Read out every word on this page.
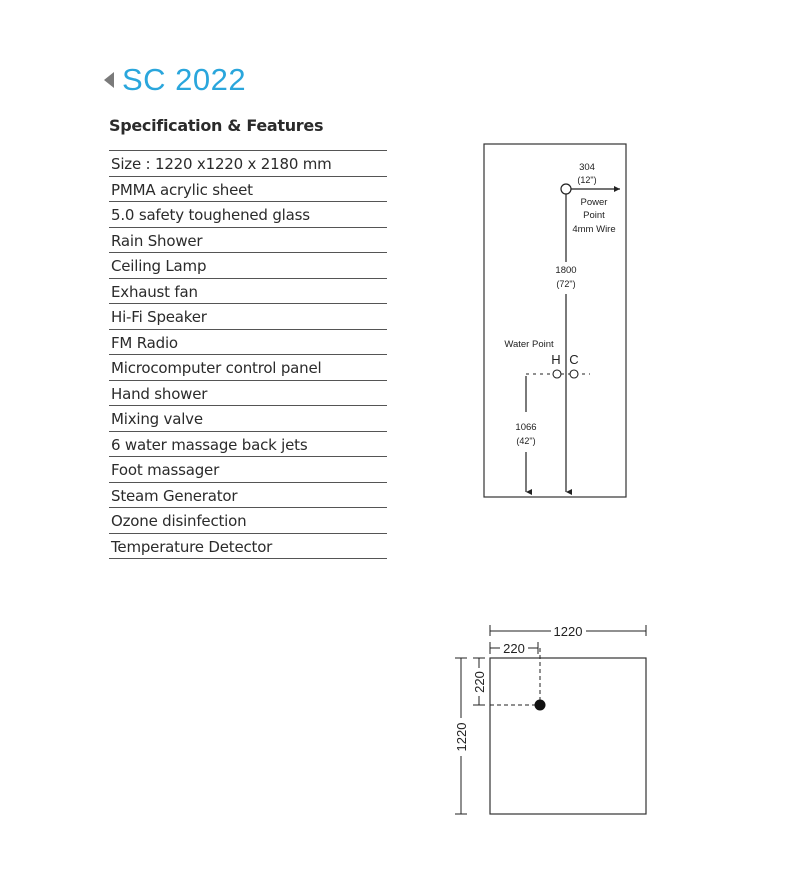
SC 2022
Specification & Features
Size : 1220 x1220 x 2180 mm
PMMA acrylic sheet
5.0 safety toughened glass
Rain Shower
Ceiling Lamp
Exhaust fan
Hi-Fi Speaker
FM Radio
Microcomputer control panel
Hand shower
Mixing valve
6 water massage back jets
Foot massager
Steam Generator
Ozone disinfection
Temperature Detector
304
(12")
Power
Point
4mm Wire
1800
(72")
Water Point
H C
1066
(42")
1220
220
1220
220
